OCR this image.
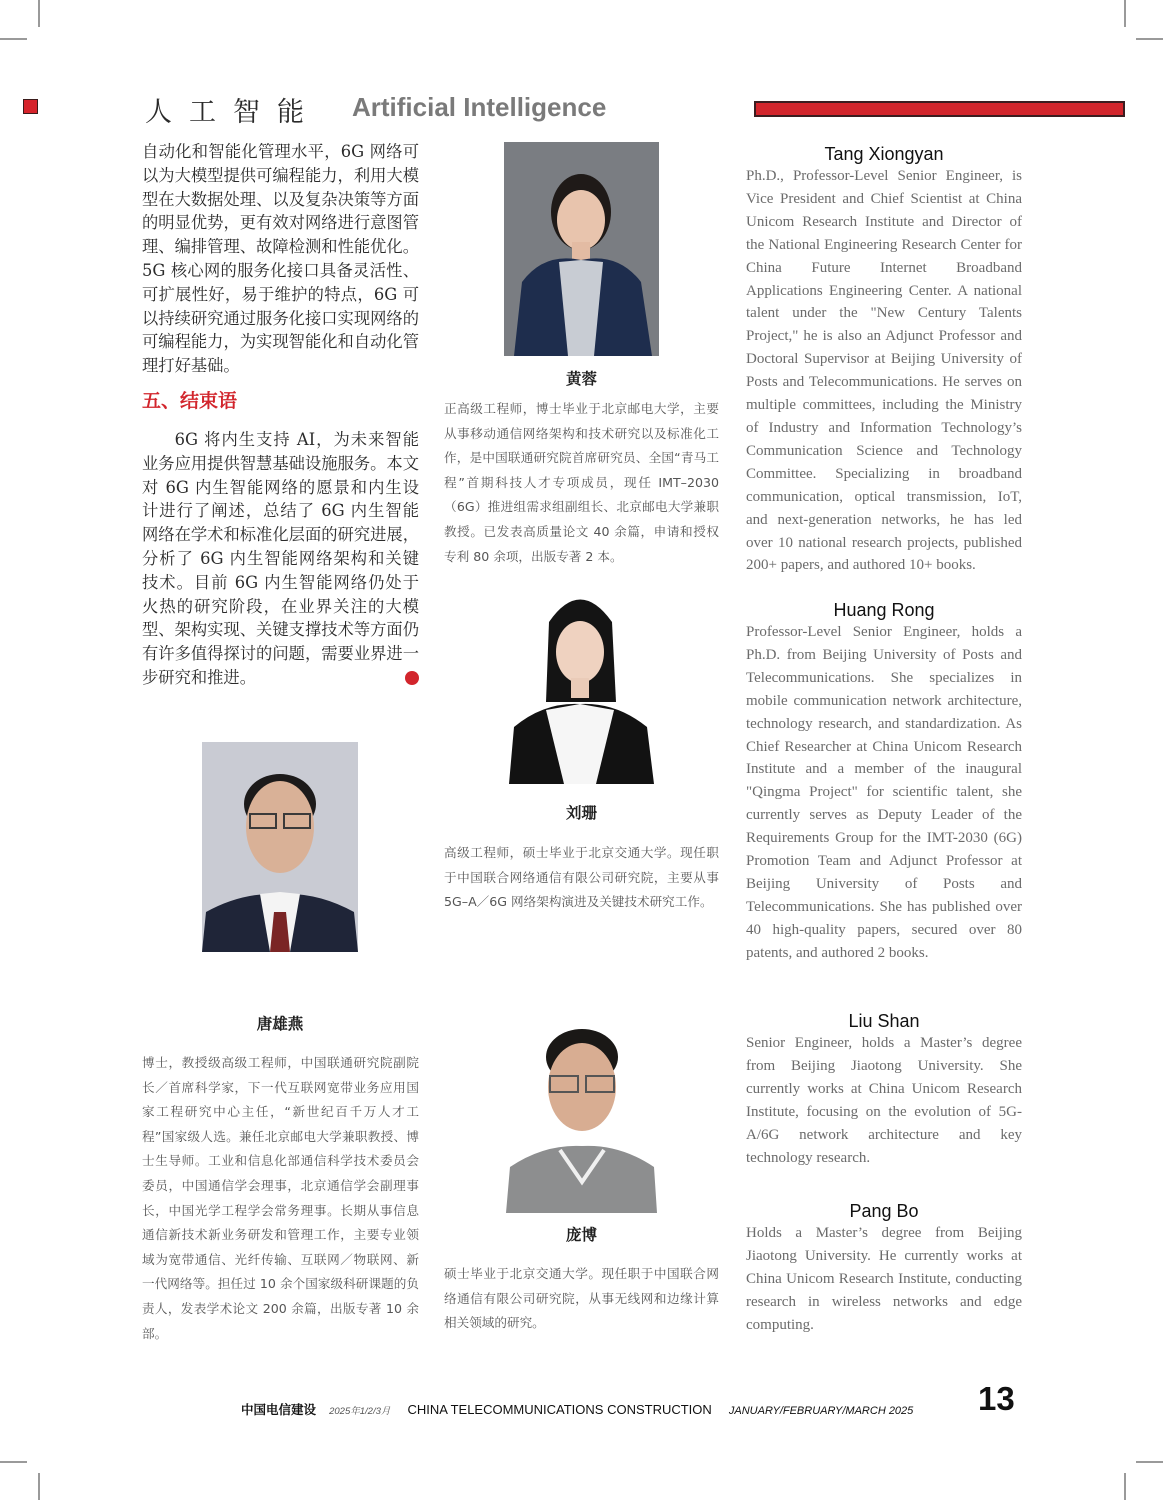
人工智能 Artificial Intelligence

自动化和智能化管理水平，6G 网络可以为大模型提供可编程能力，利用大模型在大数据处理、以及复杂决策等方面的明显优势，更有效对网络进行意图管理、编排管理、故障检测和性能优化。5G 核心网的服务化接口具备灵活性、可扩展性好，易于维护的特点，6G 可以持续研究通过服务化接口实现网络的可编程能力，为实现智能化和自动化管理打好基础。

五、结束语

6G 将内生支持 AI，为未来智能业务应用提供智慧基础设施服务。本文对 6G 内生智能网络的愿景和内生设计进行了阐述，总结了 6G 内生智能网络在学术和标准化层面的研究进展，分析了 6G 内生智能网络架构和关键技术。目前 6G 内生智能网络仍处于火热的研究阶段，在业界关注的大模型、架构实现、关键支撑技术等方面仍有许多值得探讨的问题，需要业界进一步研究和推进。	CTC

黄蓉
正高级工程师，博士毕业于北京邮电大学，主要从事移动通信网络架构和技术研究以及标准化工作，是中国联通研究院首席研究员、全国“青马工程”首期科技人才专项成员，现任 IMT–2030（6G）推进组需求组副组长、北京邮电大学兼职教授。已发表高质量论文 40 余篇，申请和授权专利 80 余项，出版专著 2 本。
刘珊
高级工程师，硕士毕业于北京交通大学。现任职于中国联合网络通信有限公司研究院，主要从事 5G–A／6G 网络架构演进及关键技术研究工作。
唐雄燕
博士，教授级高级工程师，中国联通研究院副院长／首席科学家，下一代互联网宽带业务应用国家工程研究中心主任，“新世纪百千万人才工程”国家级人选。兼任北京邮电大学兼职教授、博士生导师。工业和信息化部通信科学技术委员会委员，中国通信学会理事，北京通信学会副理事长，中国光学工程学会常务理事。长期从事信息通信新技术新业务研发和管理工作，主要专业领域为宽带通信、光纤传输、互联网／物联网、新一代网络等。担任过 10 余个国家级科研课题的负责人，发表学术论文 200 余篇，出版专著 10 余部。
庞博
硕士毕业于北京交通大学。现任职于中国联合网络通信有限公司研究院，从事无线网和边缘计算相关领域的研究。
Tang Xiongyan

Ph.D., Professor-Level Senior Engineer, is Vice President and Chief Scientist at China Unicom Research Institute and Director of the National Engineering Research Center for China Future Internet Broadband Applications Engineering Center. A national talent under the "New Century Talents Project," he is also an Adjunct Professor and Doctoral Supervisor at Beijing University of Posts and Telecommunications. He serves on multiple committees, including the Ministry of Industry and Information Technology’s Communication Science and Technology Committee. Specializing in broadband communication, optical transmission, IoT, and next-generation networks, he has led over 10 national research projects, published 200+ papers, and authored 10+ books.

Huang Rong

Professor-Level Senior Engineer, holds a Ph.D. from Beijing University of Posts and Telecommunications. She specializes in mobile communication network architecture, technology research, and standardization. As Chief Researcher at China Unicom Research Institute and a member of the inaugural "Qingma Project" for scientific talent, she currently serves as Deputy Leader of the Requirements Group for the IMT-2030 (6G) Promotion Team and Adjunct Professor at Beijing University of Posts and Telecommunications. She has published over 40 high-quality papers, secured over 80 patents, and authored 2 books.

Liu Shan

Senior Engineer, holds a Master’s degree from Beijing Jiaotong University. She currently works at China Unicom Research Institute, focusing on the evolution of 5G-A/6G network architecture and key technology research.

Pang Bo

Holds a Master’s degree from Beijing Jiaotong University. He currently works at China Unicom Research Institute, conducting research in wireless networks and edge computing.

中国电信建设 2025年1/2/3月 CHINA TELECOMMUNICATIONS CONSTRUCTION JANUARY/FEBRUARY/MARCH 2025 13
